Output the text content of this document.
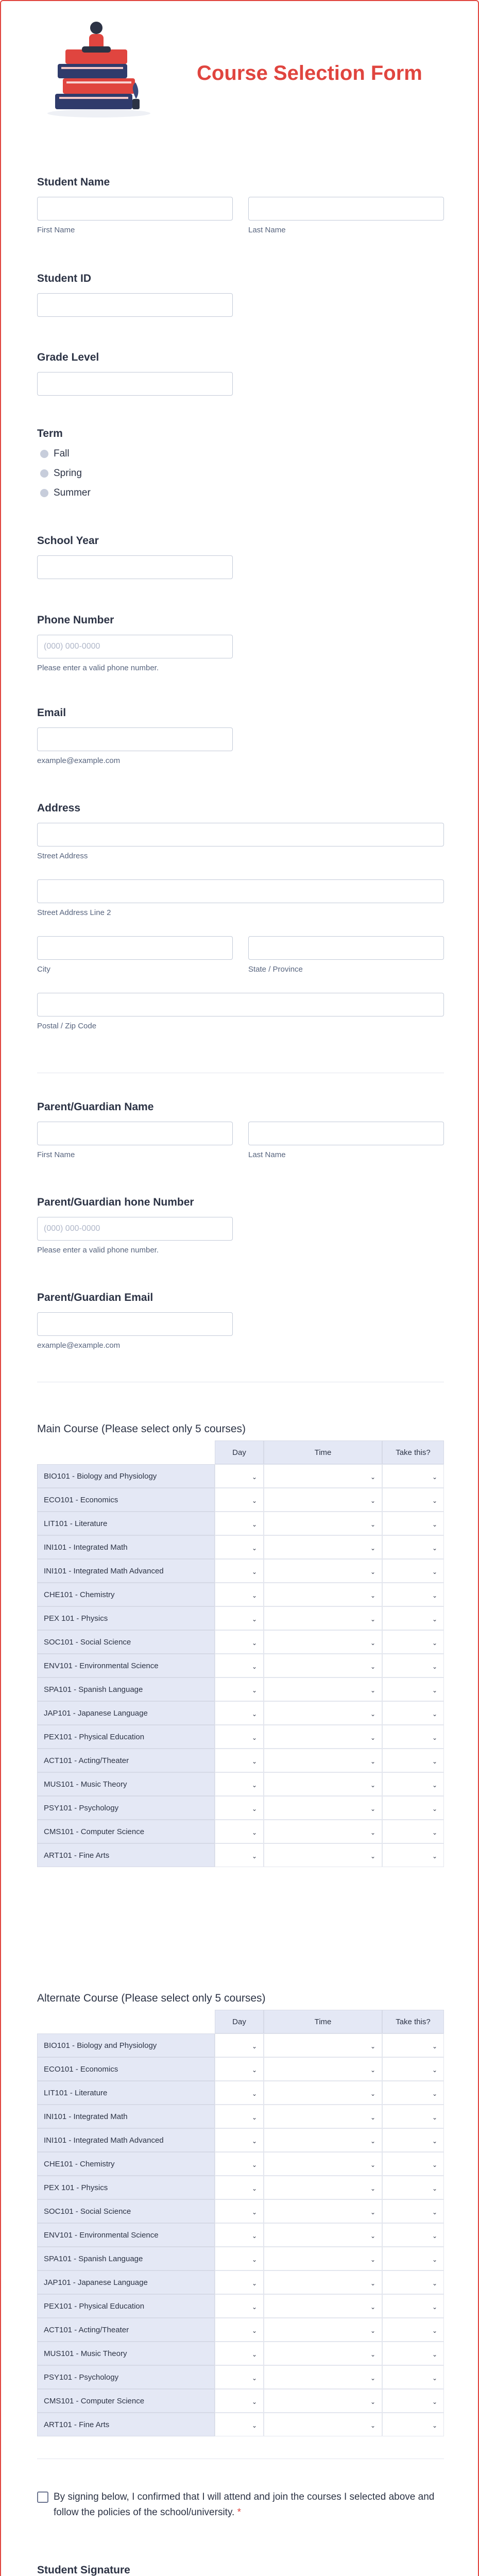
Course Selection Form
Student Name
First Name	Last Name
Student ID
Grade Level
Term
Fall
Spring
Summer
School Year
Phone Number
(000) 000-0000
Please enter a valid phone number.
Email
example@example.com
Address
Street Address
Street Address Line 2
City	State / Province
Postal / Zip Code
Parent/Guardian Name
First Name	Last Name
Parent/Guardian hone Number
(000) 000-0000
Please enter a valid phone number.
Parent/Guardian Email
example@example.com
Main Course (Please select only 5 courses)
Day	Time	Take this?
BIO101 - Biology and Physiology	⌄	⌄	⌄
ECO101 - Economics	⌄	⌄	⌄
LIT101 - Literature	⌄	⌄	⌄
INI101 - Integrated Math	⌄	⌄	⌄
INI101 - Integrated Math Advanced	⌄	⌄	⌄
CHE101 - Chemistry	⌄	⌄	⌄
PEX 101 - Physics	⌄	⌄	⌄
SOC101 - Social Science	⌄	⌄	⌄
ENV101 - Environmental Science	⌄	⌄	⌄
SPA101 - Spanish Language	⌄	⌄	⌄
JAP101 - Japanese Language	⌄	⌄	⌄
PEX101 - Physical Education	⌄	⌄	⌄
ACT101 - Acting/Theater	⌄	⌄	⌄
MUS101 - Music Theory	⌄	⌄	⌄
PSY101 - Psychology	⌄	⌄	⌄
CMS101 - Computer Science	⌄	⌄	⌄
ART101 - Fine Arts	⌄	⌄	⌄
Alternate Course (Please select only 5 courses)
Day	Time	Take this?
BIO101 - Biology and Physiology	⌄	⌄	⌄
ECO101 - Economics	⌄	⌄	⌄
LIT101 - Literature	⌄	⌄	⌄
INI101 - Integrated Math	⌄	⌄	⌄
INI101 - Integrated Math Advanced	⌄	⌄	⌄
CHE101 - Chemistry	⌄	⌄	⌄
PEX 101 - Physics	⌄	⌄	⌄
SOC101 - Social Science	⌄	⌄	⌄
ENV101 - Environmental Science	⌄	⌄	⌄
SPA101 - Spanish Language	⌄	⌄	⌄
JAP101 - Japanese Language	⌄	⌄	⌄
PEX101 - Physical Education	⌄	⌄	⌄
ACT101 - Acting/Theater	⌄	⌄	⌄
MUS101 - Music Theory	⌄	⌄	⌄
PSY101 - Psychology	⌄	⌄	⌄
CMS101 - Computer Science	⌄	⌄	⌄
ART101 - Fine Arts	⌄	⌄	⌄
By signing below, I confirmed that I will attend and join the courses I selected above and follow the policies of the school/university. *
Student Signature
